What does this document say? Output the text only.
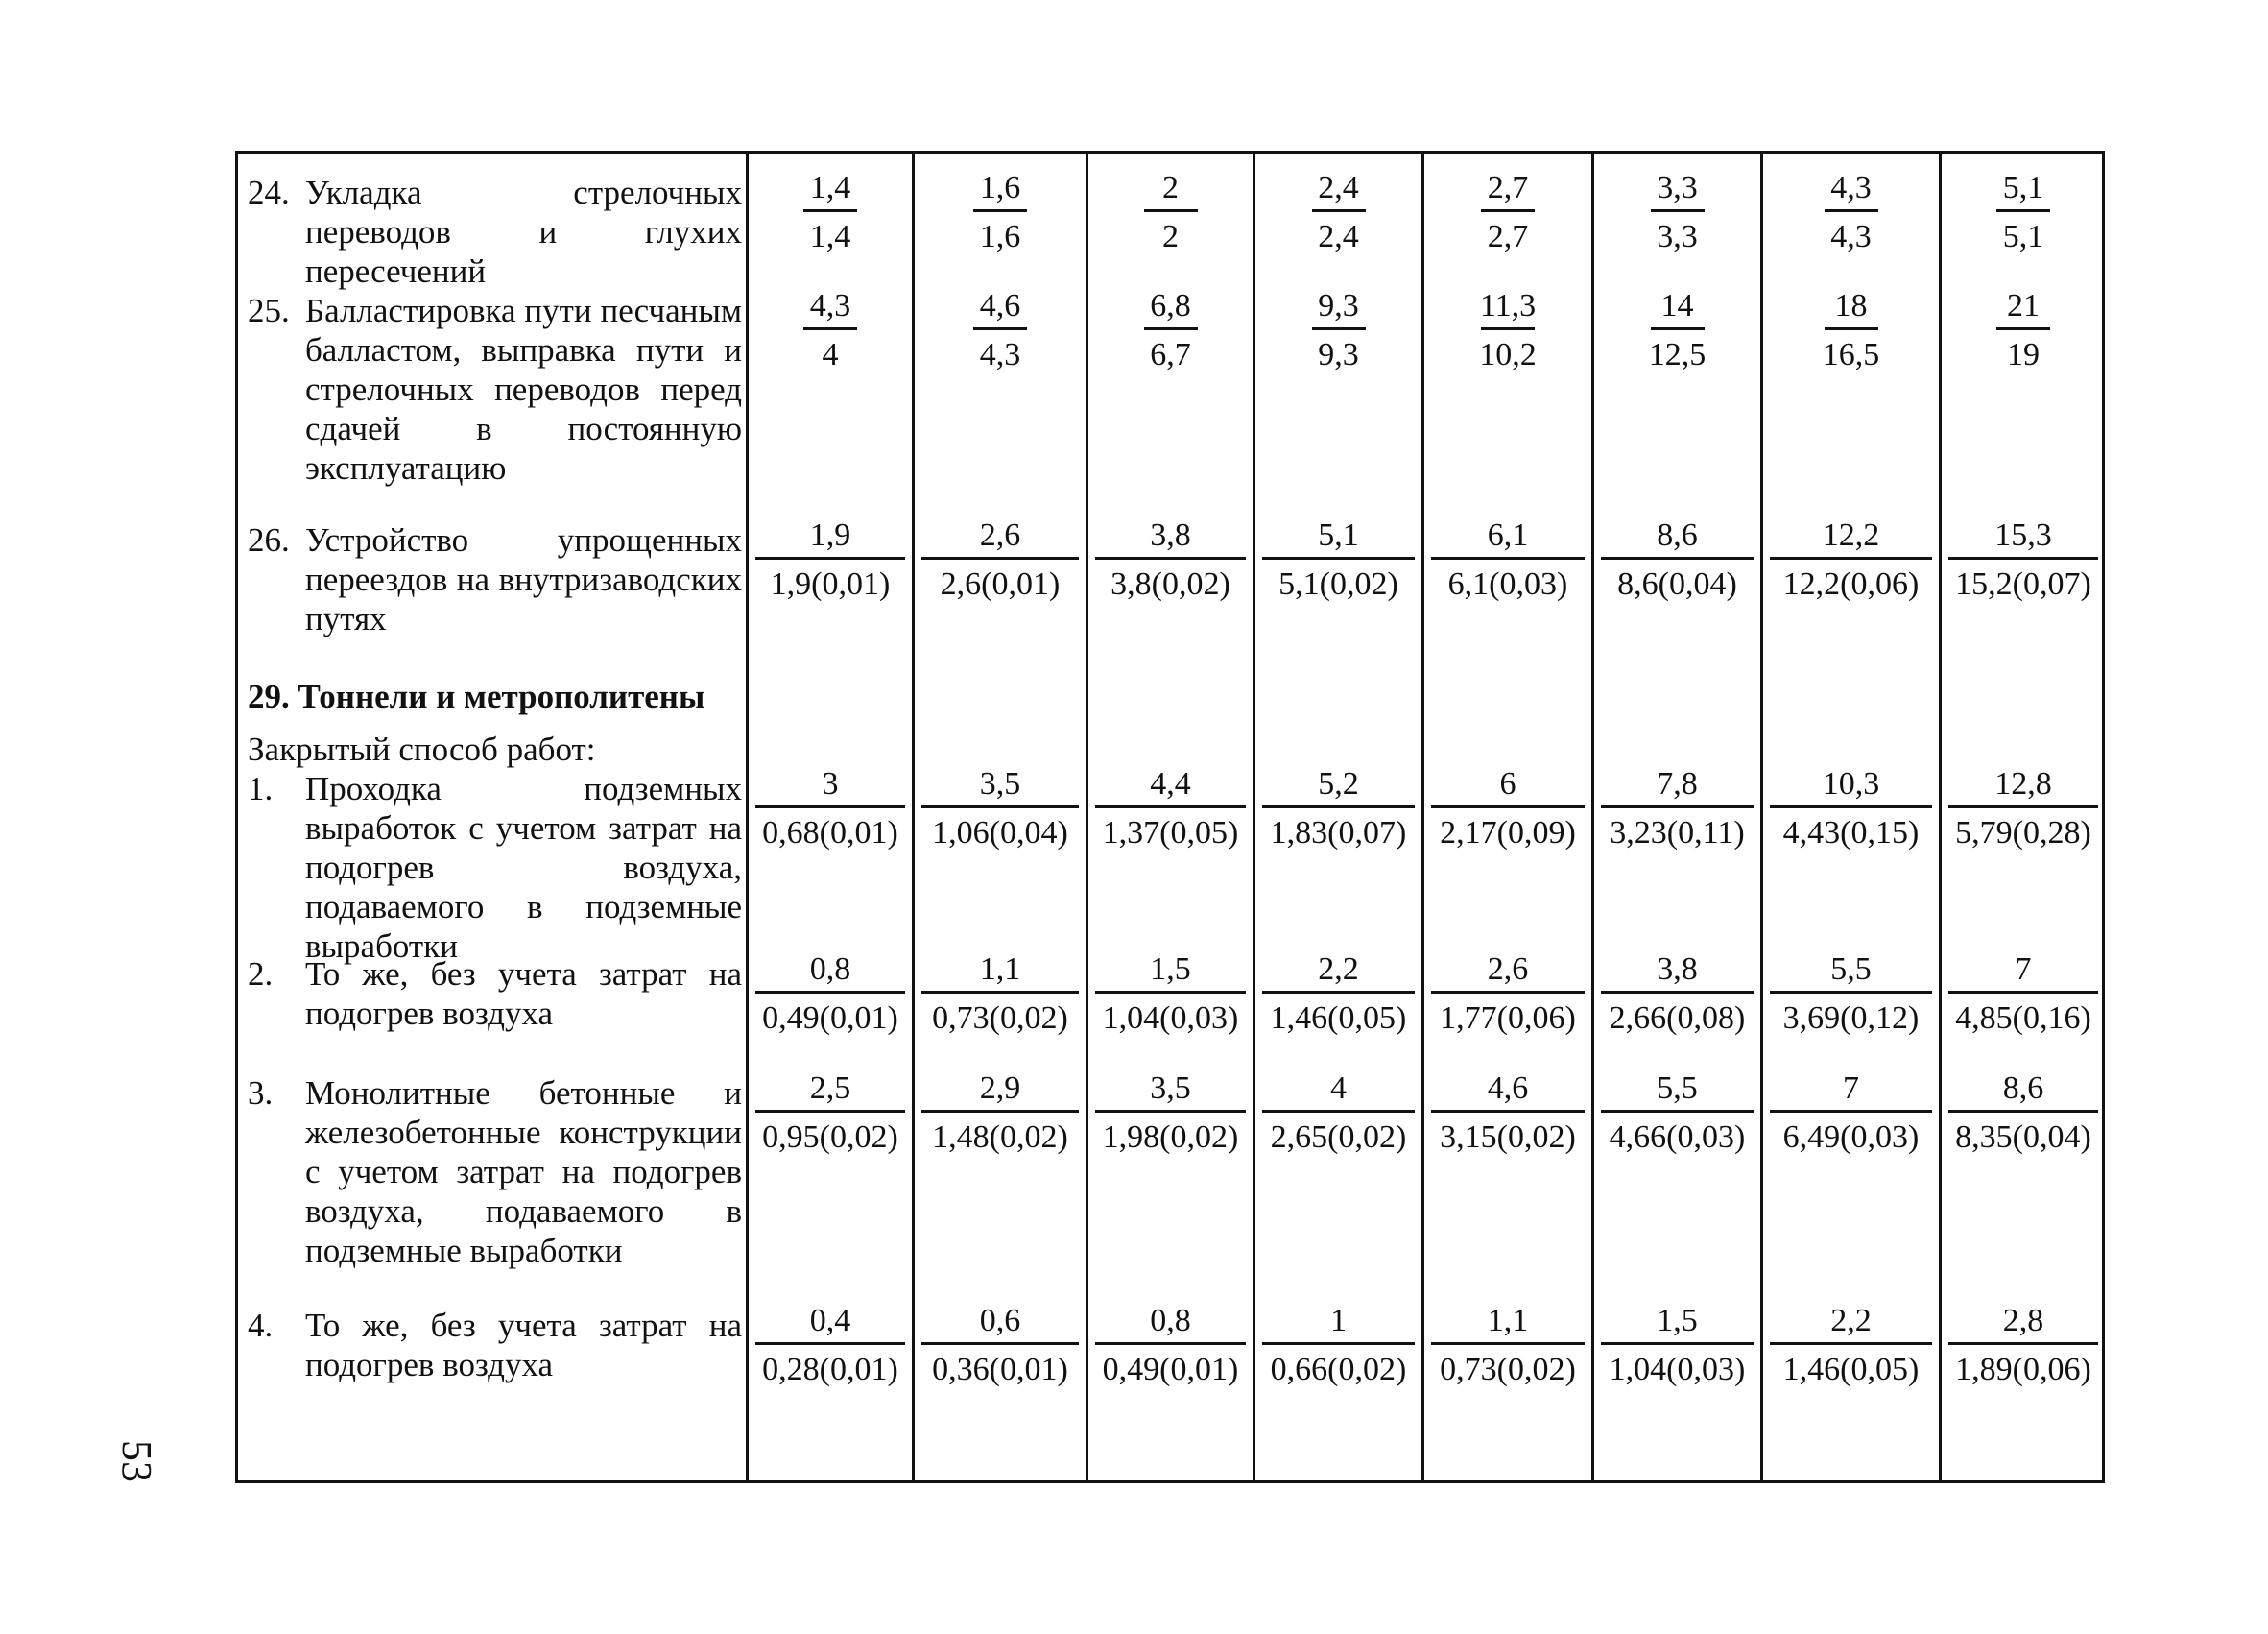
53
24. Укладка стрелочных переводов и глухих пересечений
25. Балластировка пути песчаным балластом, выправка пути и стрелочных переводов перед сдачей в постоянную эксплуатацию
26. Устройство упрощенных переездов на внутризаводских путях
29. Тоннели и метрополитены
Закрытый способ работ:
1. Проходка подземных выработок с учетом затрат на подогрев воздуха, подаваемого в подземные выработки
2. То же, без учета затрат на подогрев воздуха
3. Монолитные бетонные и железобетонные конструкции с учетом затрат на подогрев воздуха, подаваемого в подземные выработки
4. То же, без учета затрат на подогрев воздуха
1,4
1,4
1,6
1,6
2
2
2,4
2,4
2,7
2,7
3,3
3,3
4,3
4,3
5,1
5,1
4,3
4
4,6
4,3
6,8
6,7
9,3
9,3
11,3
10,2
14
12,5
18
16,5
21
19
1,9
1,9(0,01)
2,6
2,6(0,01)
3,8
3,8(0,02)
5,1
5,1(0,02)
6,1
6,1(0,03)
8,6
8,6(0,04)
12,2
12,2(0,06)
15,3
15,2(0,07)
3
0,68(0,01)
3,5
1,06(0,04)
4,4
1,37(0,05)
5,2
1,83(0,07)
6
2,17(0,09)
7,8
3,23(0,11)
10,3
4,43(0,15)
12,8
5,79(0,28)
0,8
0,49(0,01)
1,1
0,73(0,02)
1,5
1,04(0,03)
2,2
1,46(0,05)
2,6
1,77(0,06)
3,8
2,66(0,08)
5,5
3,69(0,12)
7
4,85(0,16)
2,5
0,95(0,02)
2,9
1,48(0,02)
3,5
1,98(0,02)
4
2,65(0,02)
4,6
3,15(0,02)
5,5
4,66(0,03)
7
6,49(0,03)
8,6
8,35(0,04)
0,4
0,28(0,01)
0,6
0,36(0,01)
0,8
0,49(0,01)
1
0,66(0,02)
1,1
0,73(0,02)
1,5
1,04(0,03)
2,2
1,46(0,05)
2,8
1,89(0,06)
